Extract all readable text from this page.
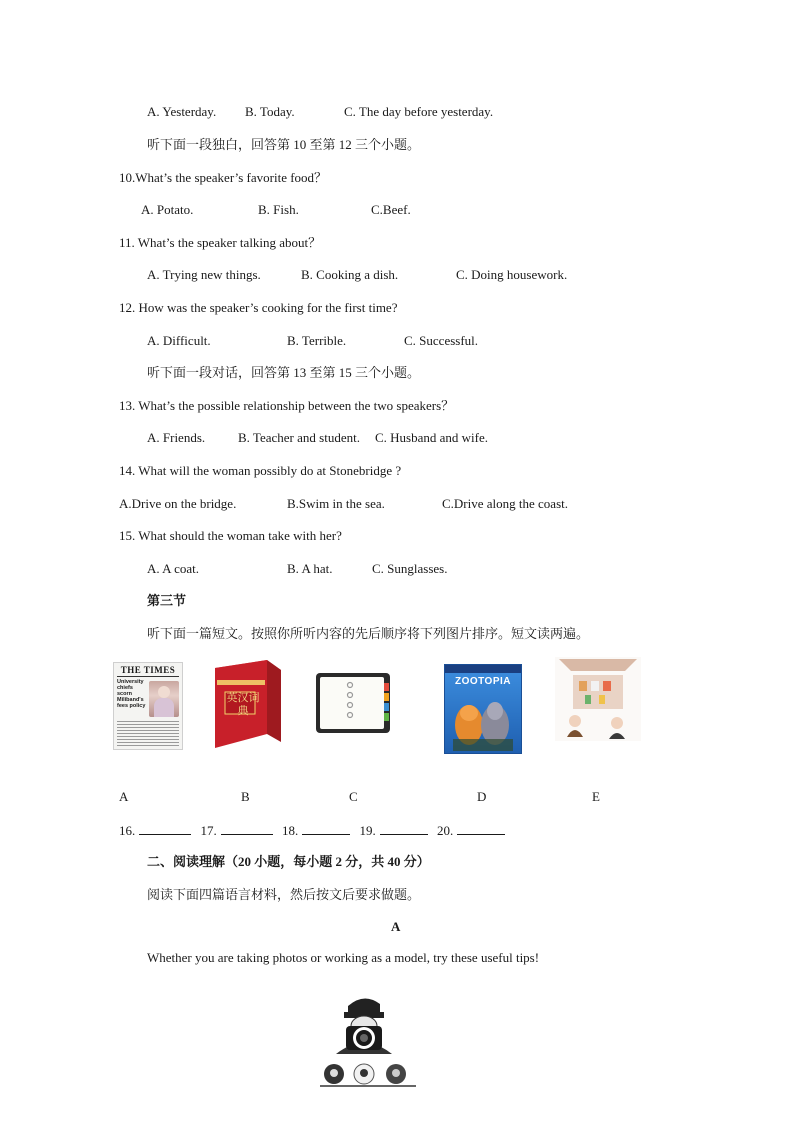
A. Yesterday. B. Today.	C. The day before yesterday.
听下面一段独白，回答第 10 至第 12 三个小题。
10.What’s the speaker’s favorite food？
A. Potato.	B. Fish.	C.Beef.
11. What’s the speaker talking about？
A. Trying new things.	B. Cooking a dish.	C. Doing housework.
12. How was the speaker’s cooking for the first time?
A. Difficult.	B. Terrible.	C. Successful.
听下面一段对话，回答第 13 至第 15 三个小题。
13. What’s the possible relationship between the two speakers？
A. Friends.	B. Teacher and student. C. Husband and wife.
14. What will the woman possibly do at Stonebridge ?
A.Drive on the bridge.	B.Swim in the sea.	C.Drive along the coast.
15. What should the woman take with her?
A. A coat.	B. A hat.	C. Sunglasses.
第三节
听下面一篇短文。按照你所听内容的先后顺序将下列图片排序。短文读两遍。
THE TIMES
University chiefs scorn Miliband's fees policy
英汉词典
ZOOTOPIA
A	B	C	D	E
16.	17.	18.	19.	20.
二、阅读理解（20 小题，每小题 2 分，共 40 分）
阅读下面四篇语言材料，然后按文后要求做题。
A
Whether you are taking photos or working as a model, try these useful tips!
